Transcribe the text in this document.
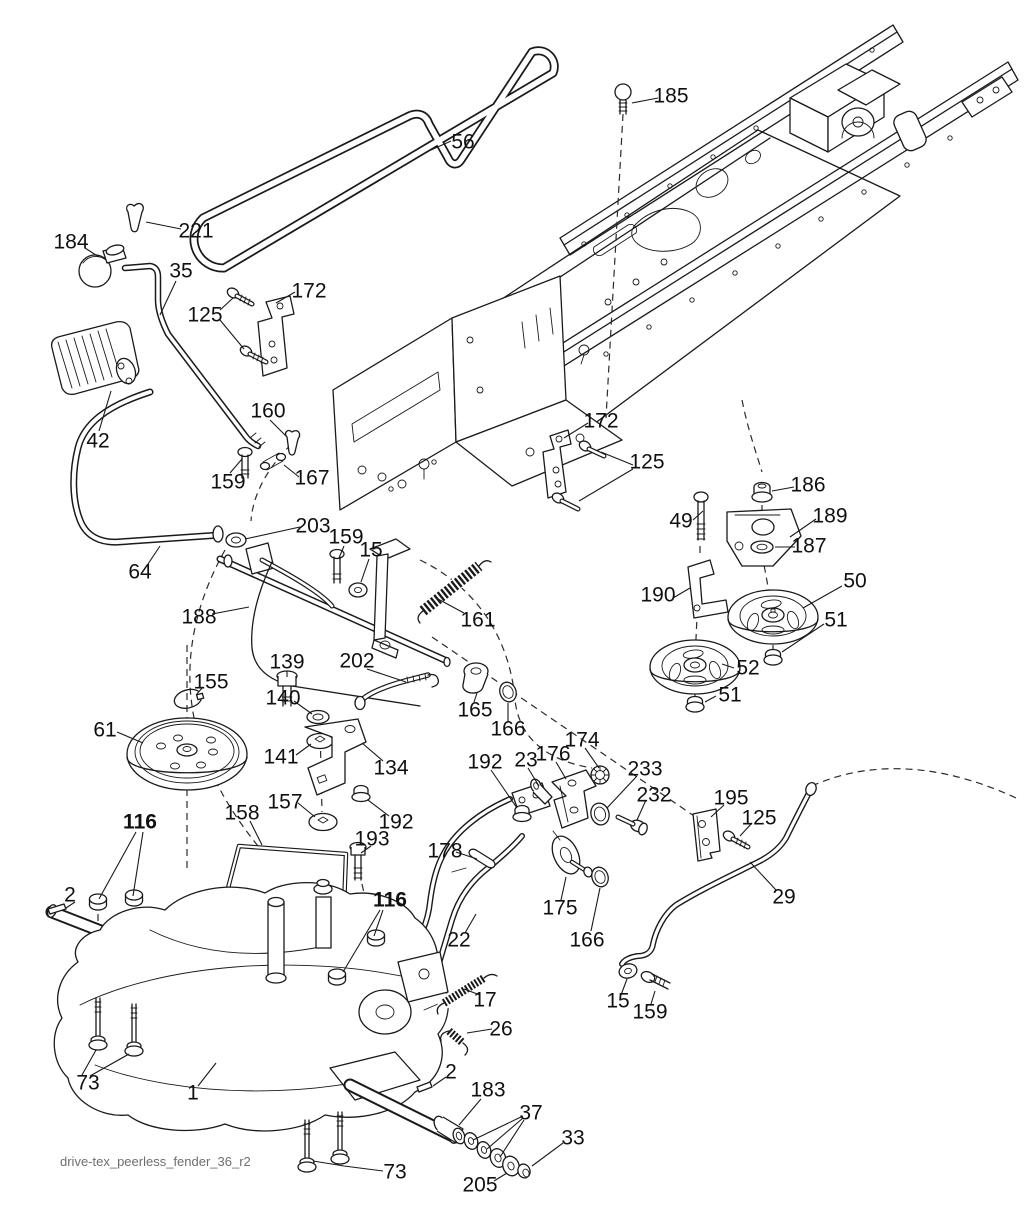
185
56
221
184
35
172
125
160
42
159 167
203
64
159
15
188	161
172
125
186
49	189
187
190
50
51
52
51
139 202
155
140
165
166
61
141	134
174
176
23
192	233
232 195
125
157
158
116	192
193
178
2	116	29
175
22	166
17	15 159
26
73	1
2
183
37
33
73
205
drive-tex_peerless_fender_36_r2
